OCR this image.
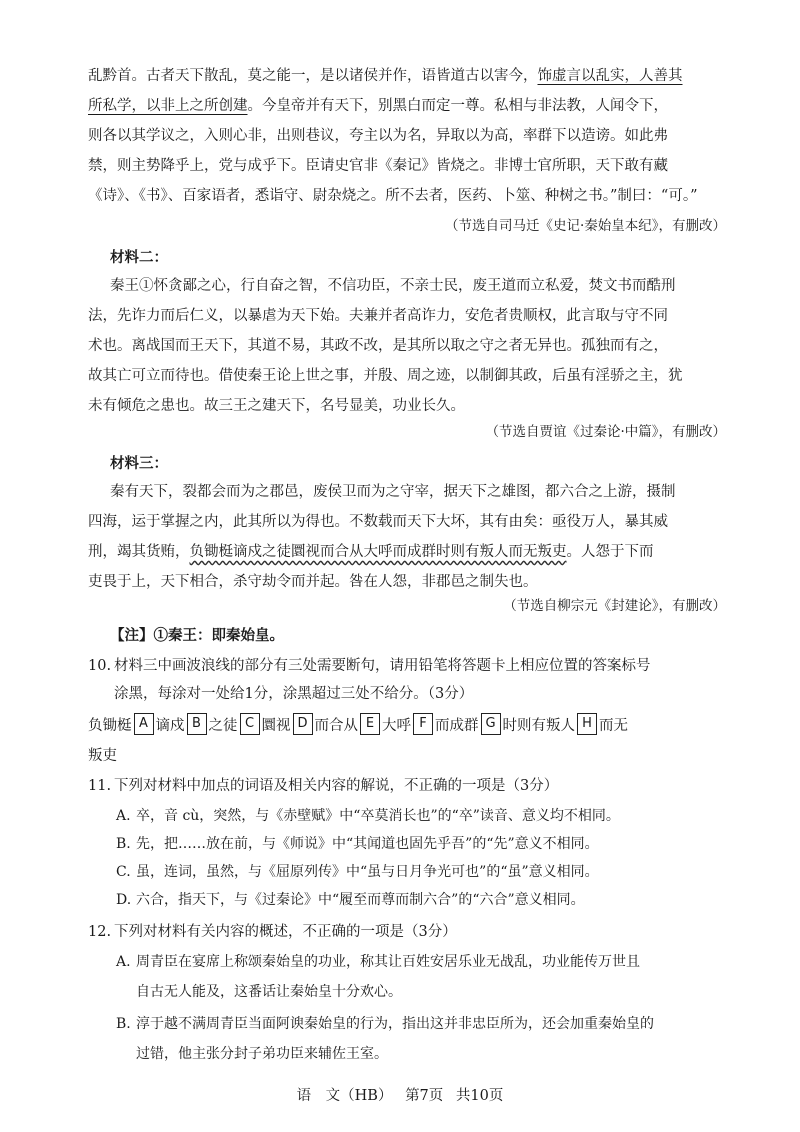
乱黔首。古者天下散乱，莫之能一，是以诸侯并作，语皆道古以害今，饰虚言以乱实，人善其
所私学，以非上之所创建。今皇帝并有天下，别黑白而定一尊。私相与非法教，人闻令下，
则各以其学议之，入则心非，出则巷议，夸主以为名，异取以为高，率群下以造谤。如此弗
禁，则主势降乎上，党与成乎下。臣请史官非《秦记》皆烧之。非博士官所职，天下敢有藏
《诗》、《书》、百家语者，悉诣守、尉杂烧之。所不去者，医药、卜筮、种树之书。”制曰：“可。”
（节选自司马迁《史记·秦始皇本纪》，有删改）
材料二：
秦王①怀贪鄙之心，行自奋之智，不信功臣，不亲士民，废王道而立私爱，焚文书而酷刑
法，先诈力而后仁义，以暴虐为天下始。夫兼并者高诈力，安危者贵顺权，此言取与守不同
术也。离战国而王天下，其道不易，其政不改，是其所以取之守之者无异也。孤独而有之，
故其亡可立而待也。借使秦王论上世之事，并殷、周之迹，以制御其政，后虽有淫骄之主，犹
未有倾危之患也。故三王之建天下，名号显美，功业长久。
（节选自贾谊《过秦论·中篇》，有删改）
材料三：
秦有天下，裂都会而为之郡邑，废侯卫而为之守宰，据天下之雄图，都六合之上游，摄制
四海，运于掌握之内，此其所以为得也。不数载而天下大坏，其有由矣：亟役万人，暴其威
刑，竭其货贿，负锄梃谪戍之徒圜视而合从大呼而成群时则有叛人而无叛吏。人怨于下而
吏畏于上，天下相合，杀守劫令而并起。咎在人怨，非郡邑之制失也。
（节选自柳宗元《封建论》，有删改）
【注】①秦王：即秦始皇。
10. 材料三中画波浪线的部分有三处需要断句，请用铅笔将答题卡上相应位置的答案标号
涂黑，每涂对一处给1分，涂黑超过三处不给分。（3分）
负锄梃 A 谪戍 B 之徒 C 圜视 D 而合从 E 大呼 F 而成群 G 时则有叛人 H 而无
叛吏
11. 下列对材料中加点的词语及相关内容的解说，不正确的一项是（3分）
A. 卒，音 cù，突然，与《赤壁赋》中“卒莫消长也”的“卒”读音、意义均不相同。
B. 先，把……放在前，与《师说》中“其闻道也固先乎吾”的“先”意义不相同。
C. 虽，连词，虽然，与《屈原列传》中“虽与日月争光可也”的“虽”意义相同。
D. 六合，指天下，与《过秦论》中“履至而尊而制六合”的“六合”意义相同。
12. 下列对材料有关内容的概述，不正确的一项是（3分）
A. 周青臣在宴席上称颂秦始皇的功业，称其让百姓安居乐业无战乱，功业能传万世且
自古无人能及，这番话让秦始皇十分欢心。
B. 淳于越不满周青臣当面阿谀秦始皇的行为，指出这并非忠臣所为，还会加重秦始皇的
过错，他主张分封子弟功臣来辅佐王室。
语　文（HB） 第7页 共10页
